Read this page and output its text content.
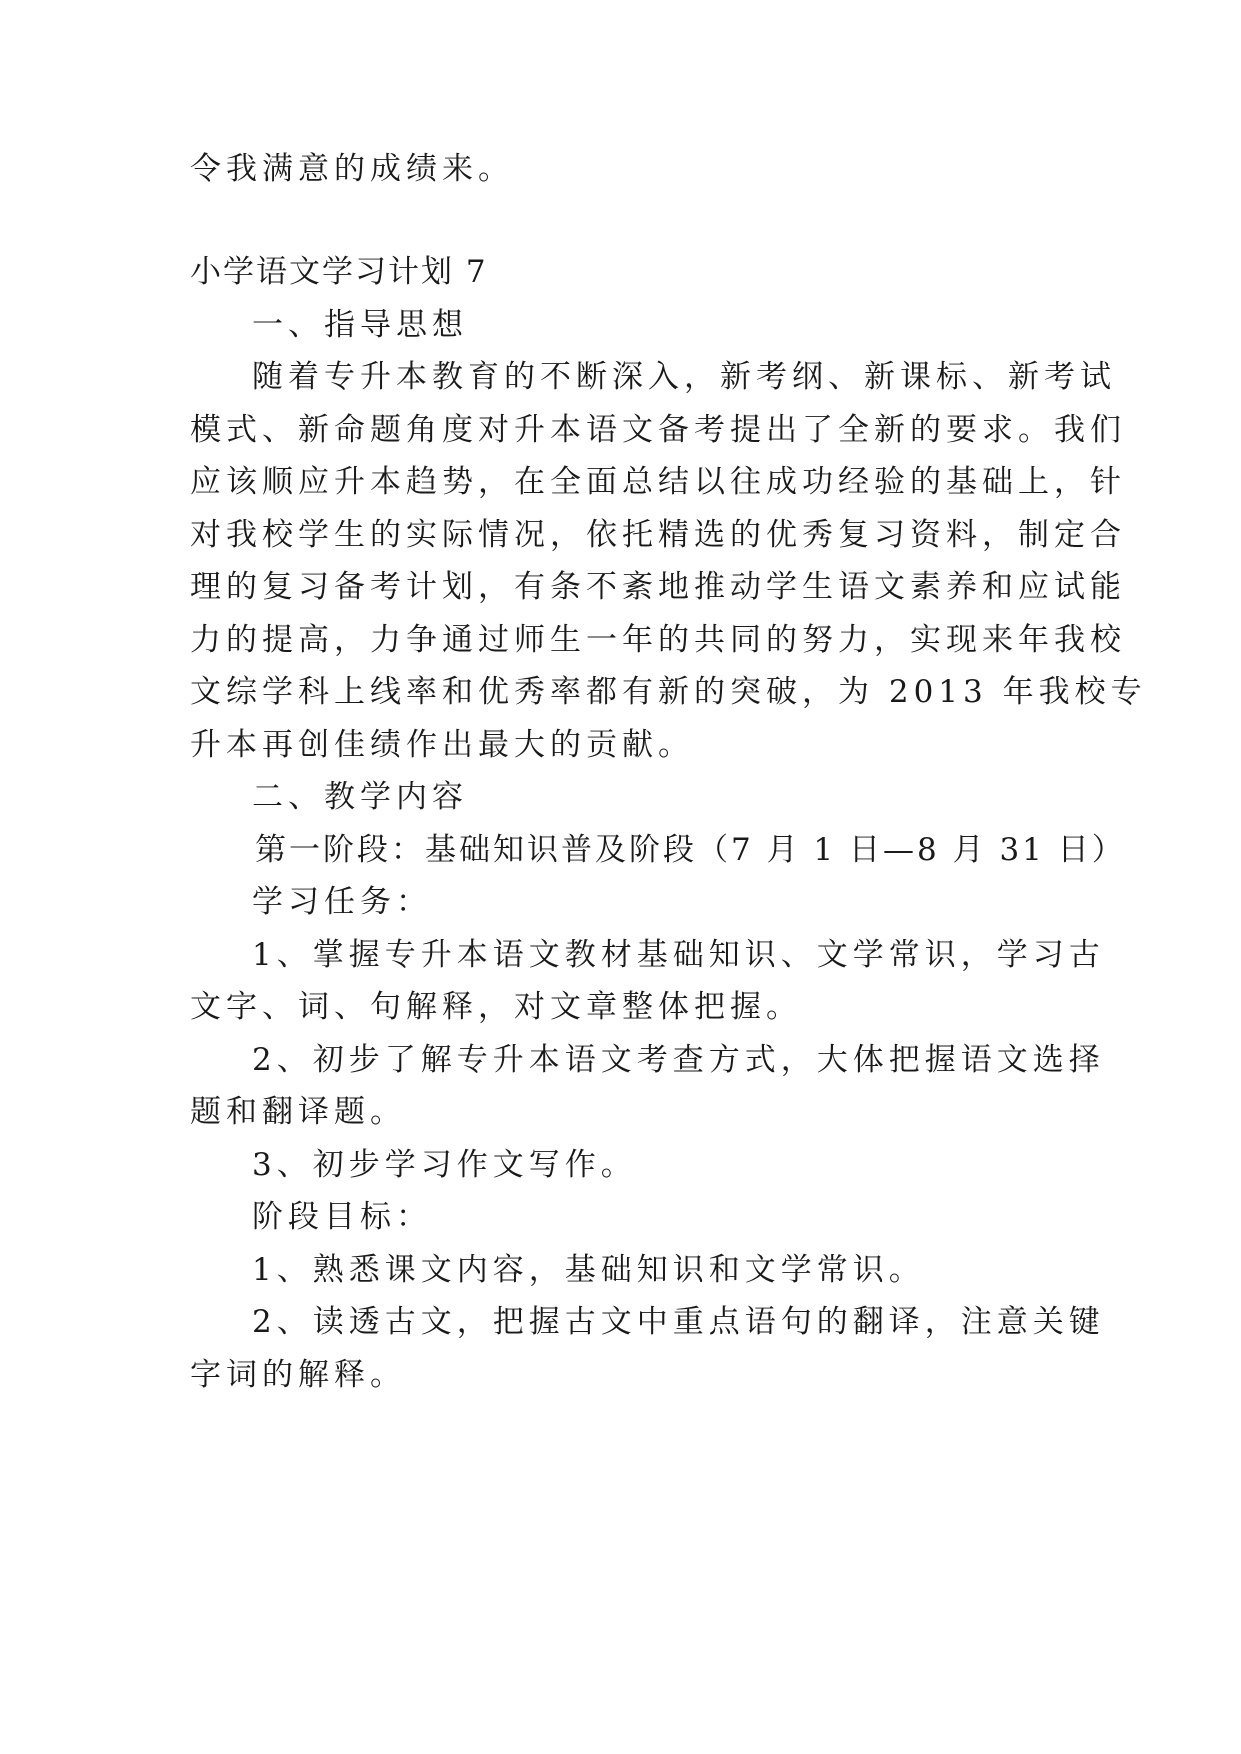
令我满意的成绩来。
小学语文学习计划 7
一、指导思想
随着专升本教育的不断深入，新考纲、新课标、新考试
模式、新命题角度对升本语文备考提出了全新的要求。我们
应该顺应升本趋势，在全面总结以往成功经验的基础上，针
对我校学生的实际情况，依托精选的优秀复习资料，制定合
理的复习备考计划，有条不紊地推动学生语文素养和应试能
力的提高，力争通过师生一年的共同的努力，实现来年我校
文综学科上线率和优秀率都有新的突破，为 2013 年我校专
升本再创佳绩作出最大的贡献。
二、教学内容
第一阶段：基础知识普及阶段（7 月 1 日—8 月 31 日）
学习任务：
1、掌握专升本语文教材基础知识、文学常识，学习古
文字、词、句解释，对文章整体把握。
2、初步了解专升本语文考查方式，大体把握语文选择
题和翻译题。
3、初步学习作文写作。
阶段目标：
1、熟悉课文内容，基础知识和文学常识。
2、读透古文，把握古文中重点语句的翻译，注意关键
字词的解释。
